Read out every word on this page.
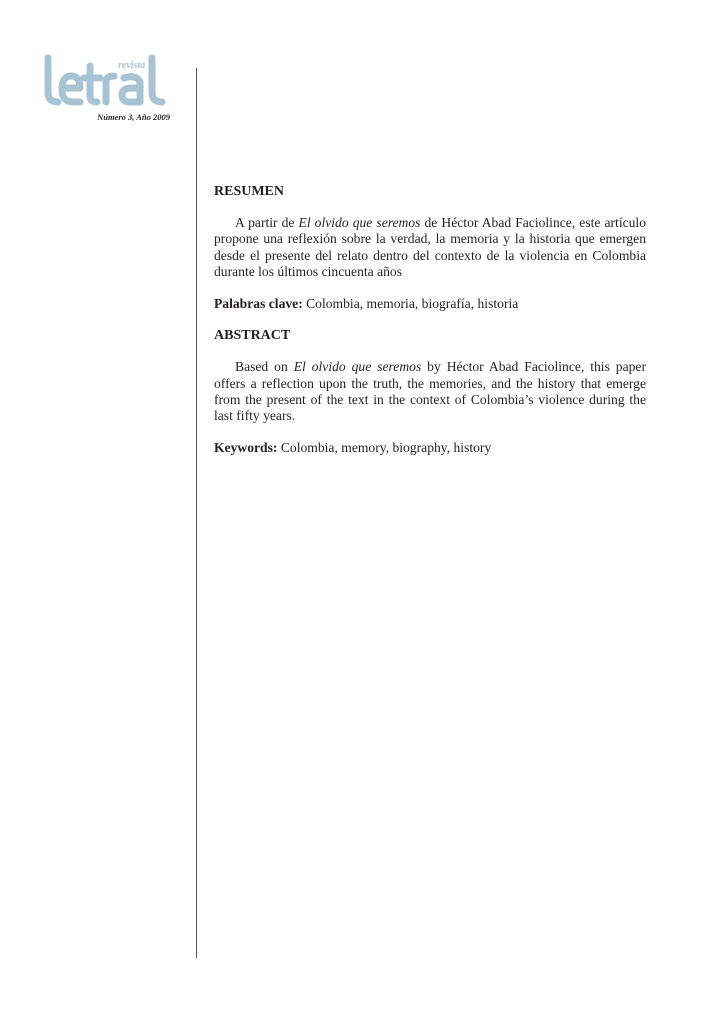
revista
Número 3, Año 2009

RESUMEN

A partir de El olvido que seremos de Héctor Abad Faciolince, este artículo propone una reflexión sobre la verdad, la memoria y la historia que emergen desde el presente del relato dentro del contexto de la violencia en Colombia durante los últimos cincuenta años

Palabras clave: Colombia, memoria, biografía, historia

ABSTRACT

Based on El olvido que seremos by Héctor Abad Faciolince, this paper offers a reflection upon the truth, the memories, and the history that emerge from the present of the text in the context of Colombia’s violence during the last fifty years.

Keywords: Colombia, memory, biography, history
